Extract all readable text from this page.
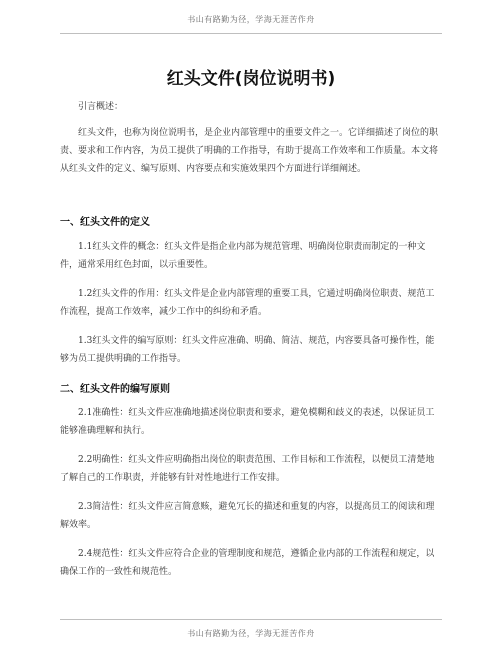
书山有路勤为径，学海无涯苦作舟
红头文件(岗位说明书)
引言概述：
红头文件，也称为岗位说明书，是企业内部管理中的重要文件之一。它详细描述了岗位的职责、要求和工作内容，为员工提供了明确的工作指导，有助于提高工作效率和工作质量。本文将从红头文件的定义、编写原则、内容要点和实施效果四个方面进行详细阐述。
一、红头文件的定义
1.1红头文件的概念：红头文件是指企业内部为规范管理、明确岗位职责而制定的一种文件，通常采用红色封面，以示重要性。
1.2红头文件的作用：红头文件是企业内部管理的重要工具，它通过明确岗位职责、规范工作流程，提高工作效率，减少工作中的纠纷和矛盾。
1.3红头文件的编写原则：红头文件应准确、明确、简洁、规范，内容要具备可操作性，能够为员工提供明确的工作指导。
二、红头文件的编写原则
2.1准确性：红头文件应准确地描述岗位职责和要求，避免模糊和歧义的表述，以保证员工能够准确理解和执行。
2.2明确性：红头文件应明确指出岗位的职责范围、工作目标和工作流程，以便员工清楚地了解自己的工作职责，并能够有针对性地进行工作安排。
2.3简洁性：红头文件应言简意赅，避免冗长的描述和重复的内容，以提高员工的阅读和理解效率。
2.4规范性：红头文件应符合企业的管理制度和规范，遵循企业内部的工作流程和规定，以确保工作的一致性和规范性。
书山有路勤为径，学海无涯苦作舟
